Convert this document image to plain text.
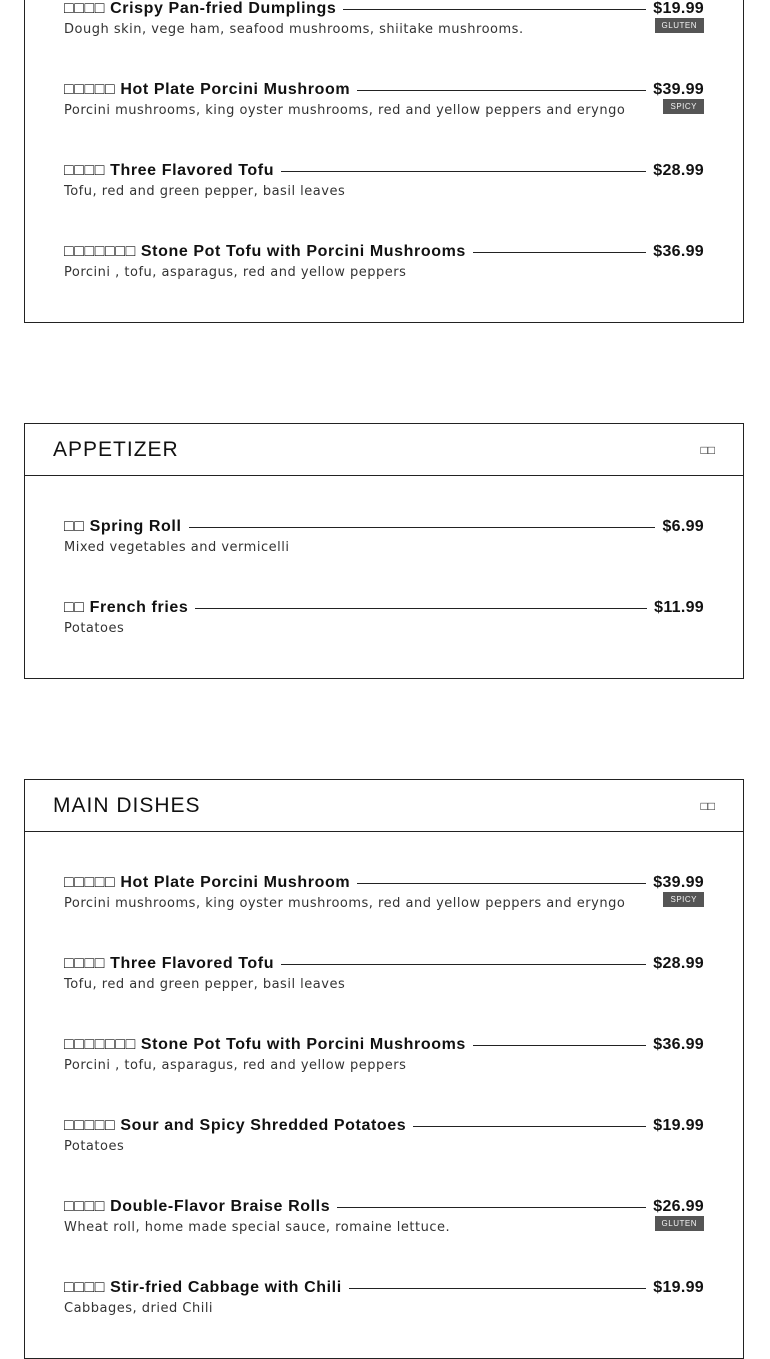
□□□□ Crispy Pan-fried Dumplings	$19.99
Dough skin, vege ham, seafood mushrooms, shiitake mushrooms.	GLUTEN
□□□□□ Hot Plate Porcini Mushroom	$39.99
Porcini mushrooms, king oyster mushrooms, red and yellow peppers and eryngo	SPICY
□□□□ Three Flavored Tofu	$28.99
Tofu, red and green pepper, basil leaves
□□□□□□□ Stone Pot Tofu with Porcini Mushrooms	$36.99
Porcini , tofu, asparagus, red and yellow peppers
APPETIZER	□□
□□ Spring Roll	$6.99
Mixed vegetables and vermicelli
□□ French fries	$11.99
Potatoes
MAIN DISHES	□□
□□□□□ Hot Plate Porcini Mushroom	$39.99
Porcini mushrooms, king oyster mushrooms, red and yellow peppers and eryngo	SPICY
□□□□ Three Flavored Tofu	$28.99
Tofu, red and green pepper, basil leaves
□□□□□□□ Stone Pot Tofu with Porcini Mushrooms	$36.99
Porcini , tofu, asparagus, red and yellow peppers
□□□□□ Sour and Spicy Shredded Potatoes	$19.99
Potatoes
□□□□ Double-Flavor Braise Rolls	$26.99
Wheat roll, home made special sauce, romaine lettuce.	GLUTEN
□□□□ Stir-fried Cabbage with Chili	$19.99
Cabbages, dried Chili
